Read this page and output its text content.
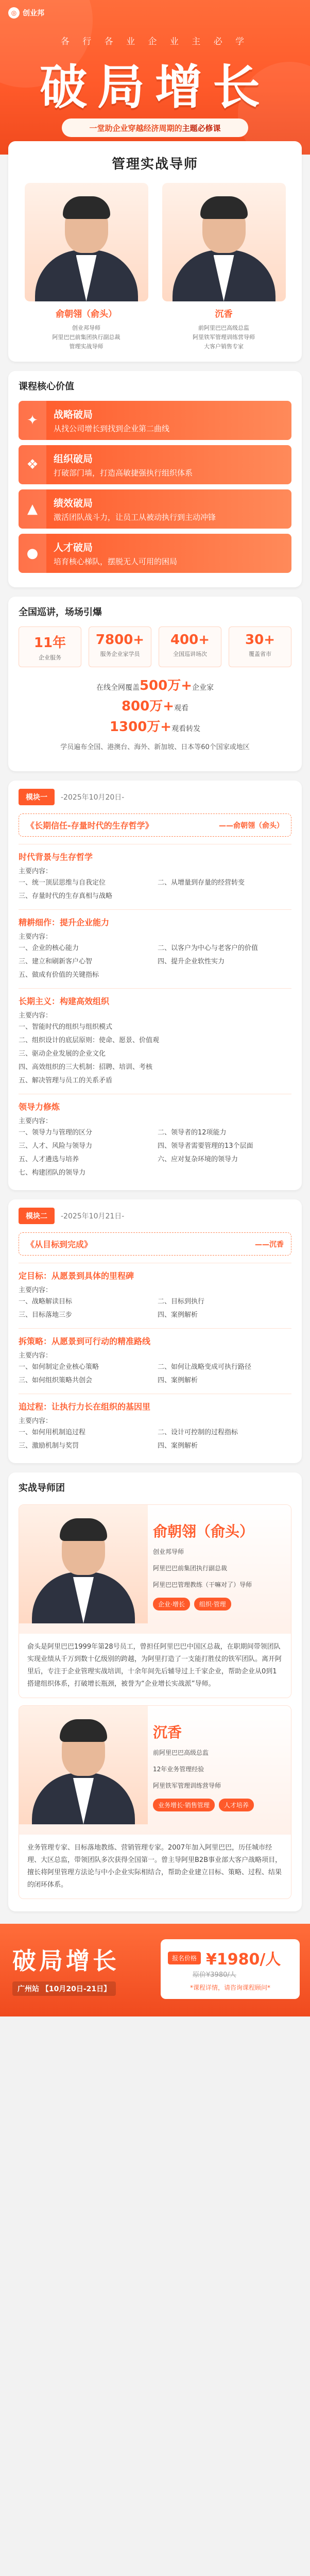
◎ 创业邦
各 行 各 业 企 业 主 必 学
破局增长
一堂助企业穿越经济周期的 主题必修课
管理实战导师
俞朝翎（俞头）
创业邦导师
阿里巴巴前集团执行副总裁
管理实战导师
沉香
前阿里巴巴高级总监
阿里铁军管理训练营导师
大客户销售专家
课程核心价值
✦	战略破局
从找公司增长到找到企业第二曲线
❖	组织破局
打破部门墙，打造高敏捷强执行组织体系
▲	绩效破局
激活团队战斗力，让员工从被动执行到主动冲锋
●	人才破局
培育核心梯队，摆脱无人可用的困局
全国巡讲，场场引爆
11年
企业服务
7800+
服务企业家学员
400+
全国巡讲场次
30+
覆盖省市
在线全网覆盖500万+企业家
800万+观看
1300万+观看转发
学员遍布全国、港澳台、海外、新加坡、日本等60个国家或地区
模块一	-2025年10月20日-
《长期信任-存量时代的生存哲学》	——俞朝翎（俞头）
时代背景与生存哲学
主要内容：
一、统一顶层思维与自我定位	二、从增量到存量的经营转变
三、存量时代的生存真相与战略
精耕细作：提升企业能力
主要内容：
一、企业的核心能力	二、以客户为中心与老客户的价值
三、建立和刷新客户心智	四、提升企业软性实力
五、做成有价值的关键指标
长期主义：构建高效组织
主要内容：
一、智能时代的组织与组织模式
二、组织设计的底层原则：使命、愿景、价值观
三、驱动企业发展的企业文化
四、高效组织的三大机制：招聘、培训、考核
五、解决管理与员工的关系矛盾
领导力修炼
主要内容：
一、领导力与管理的区分	二、领导者的12项能力
三、人才、风险与领导力	四、领导者需要管理的13个层面
五、人才遴选与培养	六、应对复杂环境的领导力
七、构建团队的领导力
模块二	-2025年10月21日-
《从目标到完成》	——沉香
定目标：从愿景到具体的里程碑
主要内容：
一、战略解读目标	二、目标到执行
三、目标落地三步	四、案例解析
拆策略：从愿景到可行动的精准路线
主要内容：
一、如何制定企业核心策略	二、如何让战略变成可执行路径
三、如何组织策略共创会	四、案例解析
追过程：让执行力长在组织的基因里
主要内容：
一、如何用机制追过程	二、设计可控制的过程指标
三、激励机制与奖罚	四、案例解析
实战导师团
俞朝翎（俞头）
创业邦导师
阿里巴巴前集团执行副总裁
阿里巴巴管理教练（干嘛对了）导师
企业·增长	组织·管理
俞头是阿里巴巴1999年第28号员工，曾担任阿里巴巴中国区总裁，在职期间带领团队实现业绩从千万到数十亿级别的跨越，为阿里打造了一支能打胜仗的铁军团队。离开阿里后，专注于企业管理实战培训，十余年间先后辅导过上千家企业，帮助企业从0到1搭建组织体系，打破增长瓶颈，被誉为“企业增长实战派”导师。
沉香
前阿里巴巴高级总监
12年业务管理经验
阿里铁军管理训练营导师
业务增长·销售管理	人才培养
业务管理专家、目标落地教练、营销管理专家。2007年加入阿里巴巴，历任城市经理、大区总监，带领团队多次获得全国第一。曾主导阿里B2B事业部大客户战略项目，擅长将阿里管理方法论与中小企业实际相结合，帮助企业建立目标、策略、过程、结果的闭环体系。
破局增长
广州站 【10月20日-21日】
报名价格 ¥1980/人
原价¥3980/人
*课程详情，请咨询课程顾问*
